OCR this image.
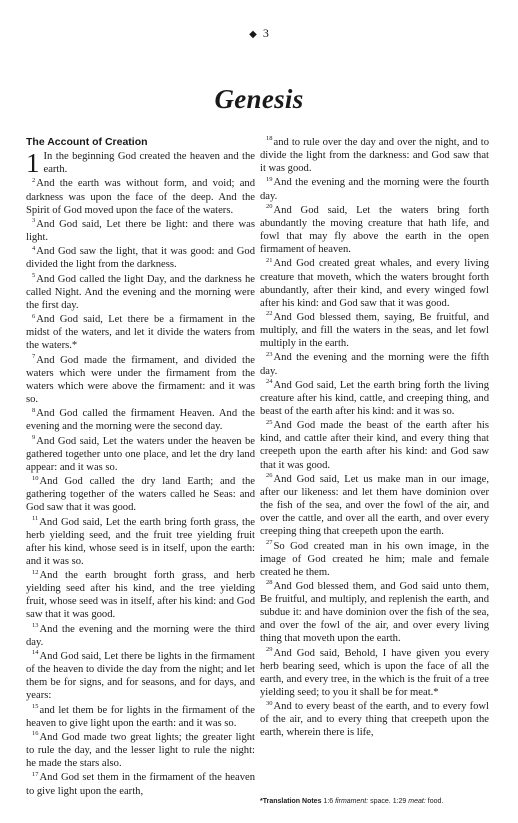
◆ 3
Genesis
The Account of Creation
1 In the beginning God created the heaven and the earth.
$^2$And the earth was without form, and void; and darkness was upon the face of the deep. And the Spirit of God moved upon the face of the waters.
$^3$And God said, Let there be light: and there was light.
$^4$And God saw the light, that it was good: and God divided the light from the darkness.
$^5$And God called the light Day, and the darkness he called Night. And the evening and the morning were the first day.
$^6$And God said, Let there be a firmament in the midst of the waters, and let it divide the waters from the waters.*
$^7$And God made the firmament, and divided the waters which were under the firmament from the waters which were above the firmament: and it was so.
$^8$And God called the firmament Heaven. And the evening and the morning were the second day.
$^9$And God said, Let the waters under the heaven be gathered together unto one place, and let the dry land appear: and it was so.
$^{10}$And God called the dry land Earth; and the gathering together of the waters called he Seas: and God saw that it was good.
$^{11}$And God said, Let the earth bring forth grass, the herb yielding seed, and the fruit tree yielding fruit after his kind, whose seed is in itself, upon the earth: and it was so.
$^{12}$And the earth brought forth grass, and herb yielding seed after his kind, and the tree yielding fruit, whose seed was in itself, after his kind: and God saw that it was good.
$^{13}$And the evening and the morning were the third day.
$^{14}$And God said, Let there be lights in the firmament of the heaven to divide the day from the night; and let them be for signs, and for seasons, and for days, and years:
$^{15}$and let them be for lights in the firmament of the heaven to give light upon the earth: and it was so.
$^{16}$And God made two great lights; the greater light to rule the day, and the lesser light to rule the night: he made the stars also.
$^{17}$And God set them in the firmament of the heaven to give light upon the earth,
$^{18}$and to rule over the day and over the night, and to divide the light from the darkness: and God saw that it was good.
$^{19}$And the evening and the morning were the fourth day.
$^{20}$And God said, Let the waters bring forth abundantly the moving creature that hath life, and fowl that may fly above the earth in the open firmament of heaven.
$^{21}$And God created great whales, and every living creature that moveth, which the waters brought forth abundantly, after their kind, and every winged fowl after his kind: and God saw that it was good.
$^{22}$And God blessed them, saying, Be fruitful, and multiply, and fill the waters in the seas, and let fowl multiply in the earth.
$^{23}$And the evening and the morning were the fifth day.
$^{24}$And God said, Let the earth bring forth the living creature after his kind, cattle, and creeping thing, and beast of the earth after his kind: and it was so.
$^{25}$And God made the beast of the earth after his kind, and cattle after their kind, and every thing that creepeth upon the earth after his kind: and God saw that it was good.
$^{26}$And God said, Let us make man in our image, after our likeness: and let them have dominion over the fish of the sea, and over the fowl of the air, and over the cattle, and over all the earth, and over every creeping thing that creepeth upon the earth.
$^{27}$So God created man in his own image, in the image of God created he him; male and female created he them.
$^{28}$And God blessed them, and God said unto them, Be fruitful, and multiply, and replenish the earth, and subdue it: and have dominion over the fish of the sea, and over the fowl of the air, and over every living thing that moveth upon the earth.
$^{29}$And God said, Behold, I have given you every herb bearing seed, which is upon the face of all the earth, and every tree, in the which is the fruit of a tree yielding seed; to you it shall be for meat.*
$^{30}$And to every beast of the earth, and to every fowl of the air, and to every thing that creepeth upon the earth, wherein there is life,
*Translation Notes 1:6 firmament: space. 1:29 meat: food.
